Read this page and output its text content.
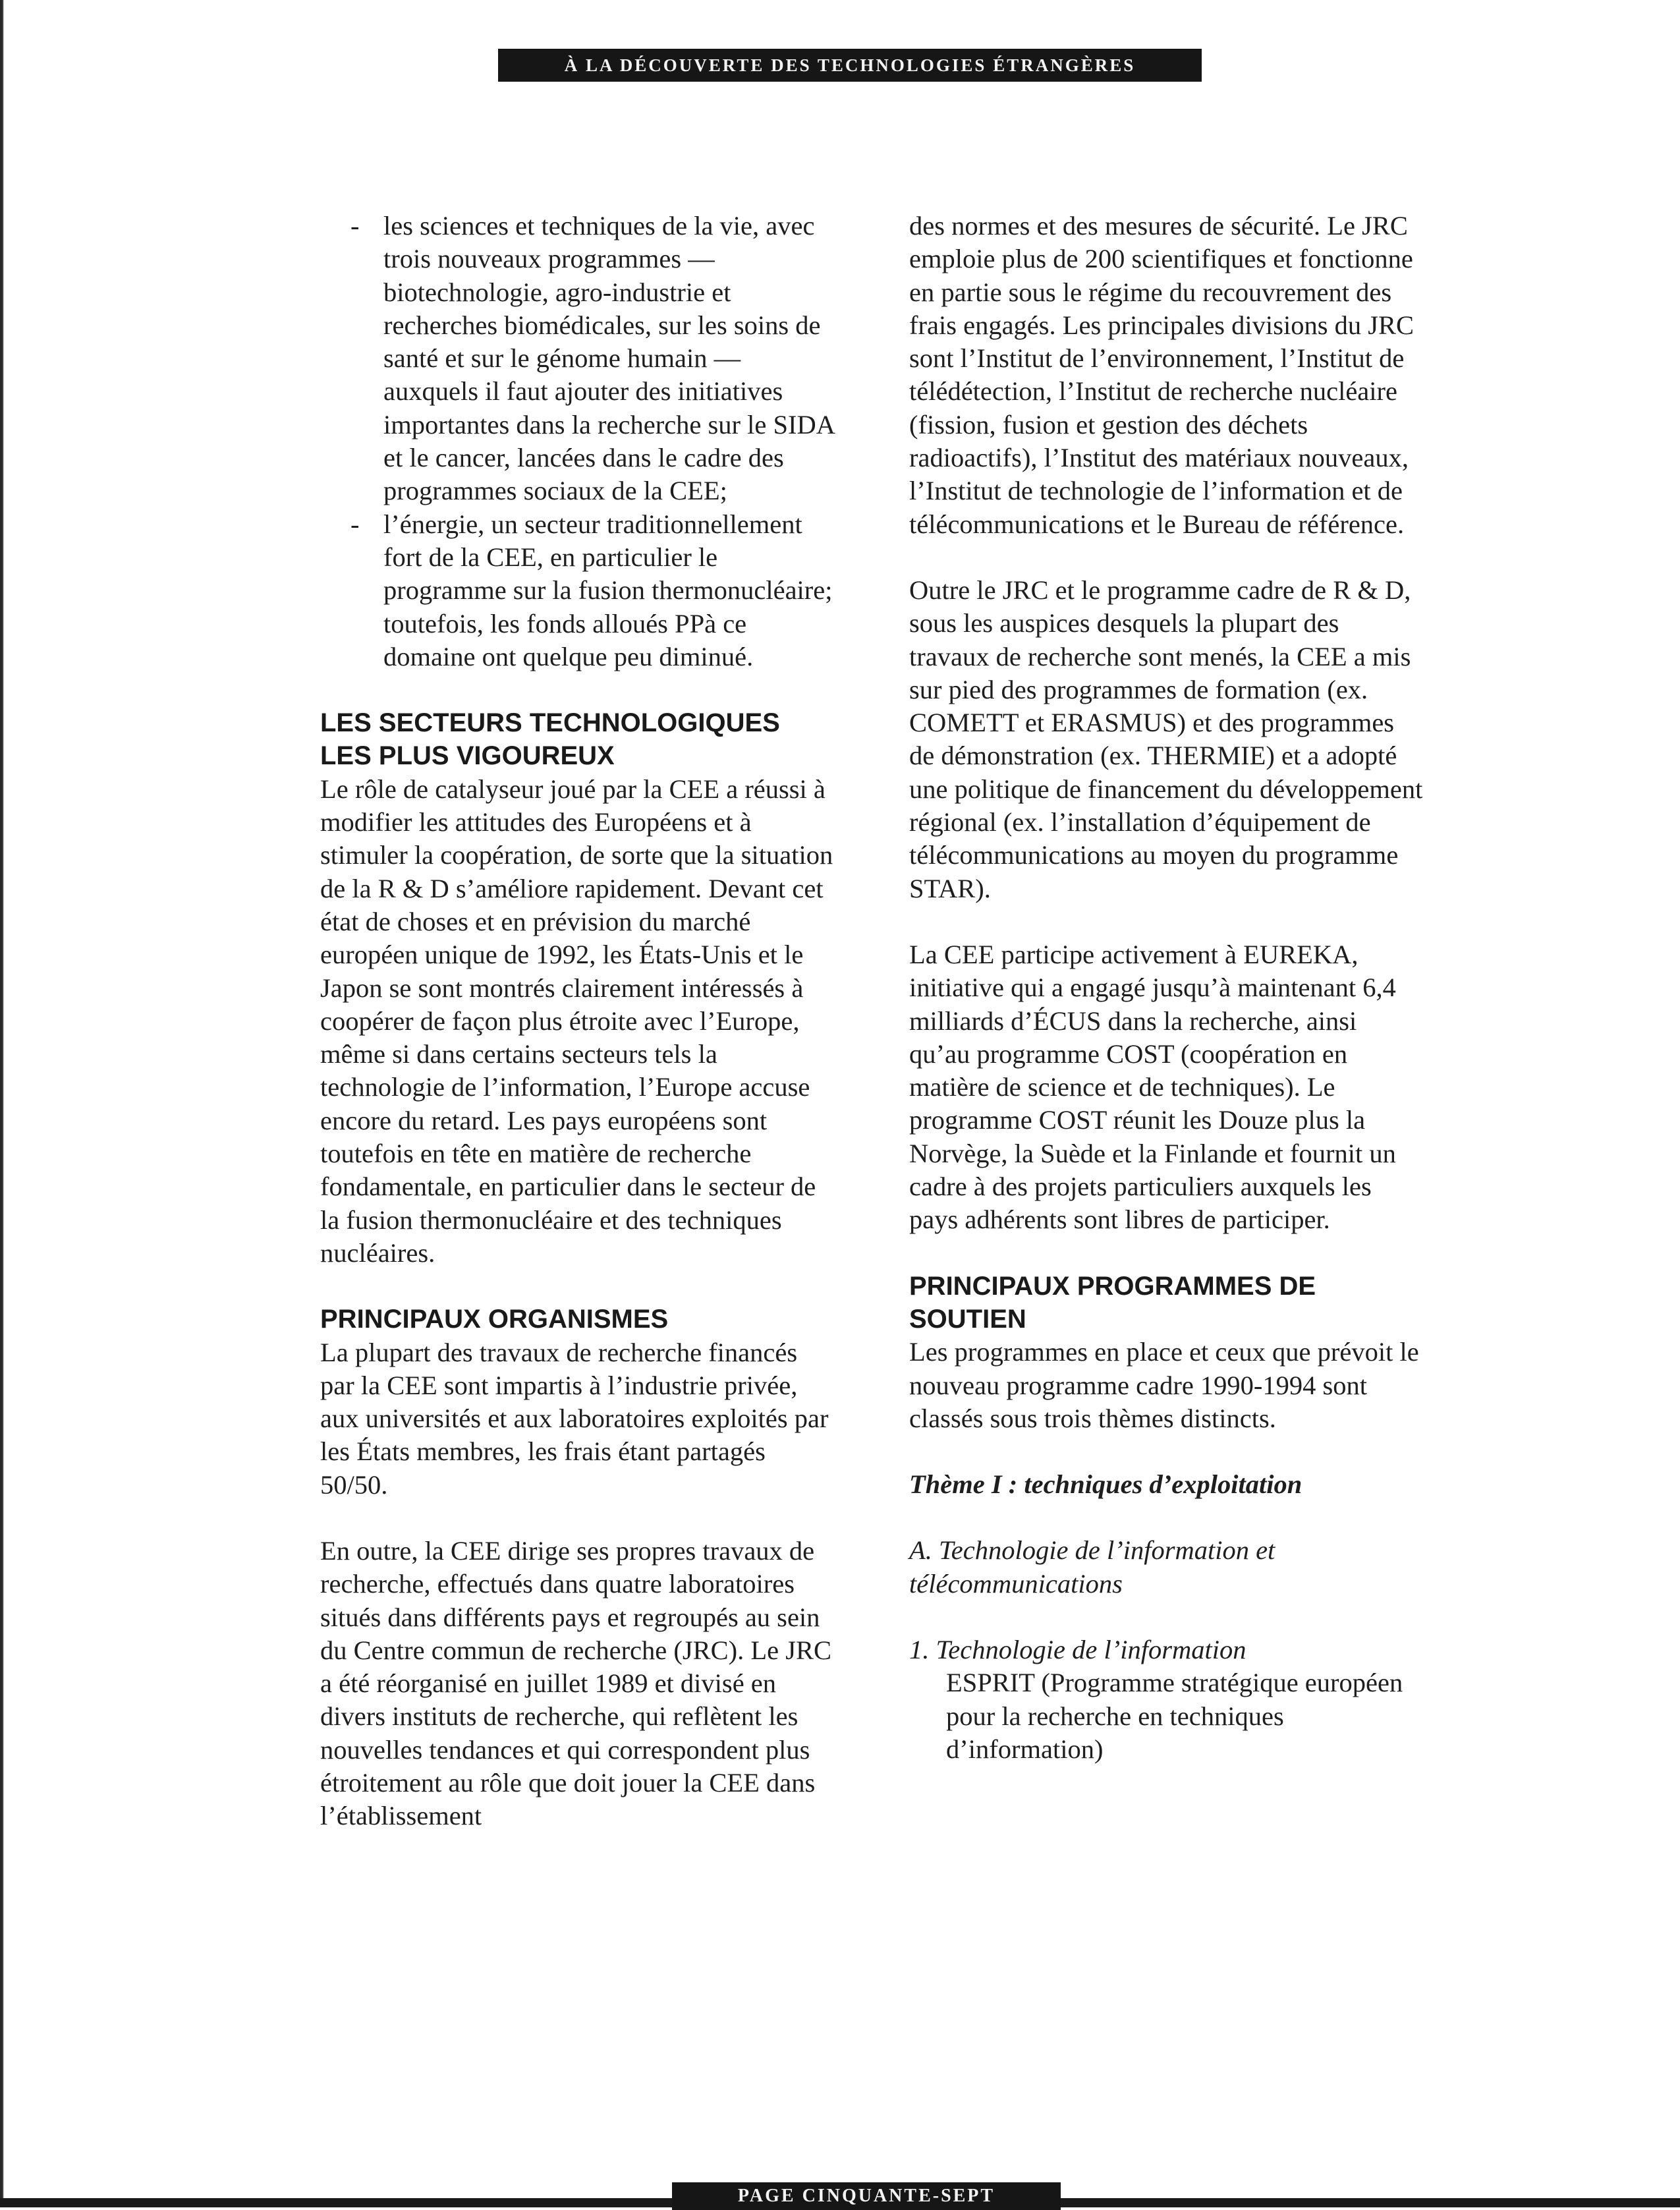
À LA DÉCOUVERTE DES TECHNOLOGIES ÉTRANGÈRES
- les sciences et techniques de la vie, avec trois nouveaux programmes — biotechnologie, agro-industrie et recherches biomédicales, sur les soins de santé et sur le génome humain — auxquels il faut ajouter des initiatives importantes dans la recherche sur le SIDA et le cancer, lancées dans le cadre des programmes sociaux de la CEE;

- l’énergie, un secteur traditionnellement fort de la CEE, en particulier le programme sur la fusion thermonucléaire; toutefois, les fonds alloués PPà ce domaine ont quelque peu diminué.

LES SECTEURS TECHNOLOGIQUES LES PLUS VIGOUREUX

Le rôle de catalyseur joué par la CEE a réussi à modifier les attitudes des Européens et à stimuler la coopération, de sorte que la situation de la R & D s’améliore rapidement. Devant cet état de choses et en prévision du marché européen unique de 1992, les États-Unis et le Japon se sont montrés clairement intéressés à coopérer de façon plus étroite avec l’Europe, même si dans certains secteurs tels la technologie de l’information, l’Europe accuse encore du retard. Les pays européens sont toutefois en tête en matière de recherche fondamentale, en particulier dans le secteur de la fusion thermonucléaire et des techniques nucléaires.

PRINCIPAUX ORGANISMES

La plupart des travaux de recherche financés par la CEE sont impartis à l’industrie privée, aux universités et aux laboratoires exploités par les États membres, les frais étant partagés 50/50.

En outre, la CEE dirige ses propres travaux de recherche, effectués dans quatre laboratoires situés dans différents pays et regroupés au sein du Centre commun de recherche (JRC). Le JRC a été réorganisé en juillet 1989 et divisé en divers instituts de recherche, qui reflètent les nouvelles tendances et qui correspondent plus étroitement au rôle que doit jouer la CEE dans l’établissement

des normes et des mesures de sécurité. Le JRC emploie plus de 200 scientifiques et fonctionne en partie sous le régime du recouvrement des frais engagés. Les principales divisions du JRC sont l’Institut de l’environnement, l’Institut de télédétection, l’Institut de recherche nucléaire (fission, fusion et gestion des déchets radioactifs), l’Institut des matériaux nouveaux, l’Institut de technologie de l’information et de télécommunications et le Bureau de référence.

Outre le JRC et le programme cadre de R & D, sous les auspices desquels la plupart des travaux de recherche sont menés, la CEE a mis sur pied des programmes de formation (ex. COMETT et ERASMUS) et des programmes de démonstration (ex. THERMIE) et a adopté une politique de financement du développement régional (ex. l’installation d’équipement de télécommunications au moyen du programme STAR).

La CEE participe activement à EUREKA, initiative qui a engagé jusqu’à maintenant 6,4 milliards d’ÉCUS dans la recherche, ainsi qu’au programme COST (coopération en matière de science et de techniques). Le programme COST réunit les Douze plus la Norvège, la Suède et la Finlande et fournit un cadre à des projets particuliers auxquels les pays adhérents sont libres de participer.

PRINCIPAUX PROGRAMMES DE SOUTIEN

Les programmes en place et ceux que prévoit le nouveau programme cadre 1990-1994 sont classés sous trois thèmes distincts.

Thème I : techniques d’exploitation

A. Technologie de l’information et télécommunications

1. Technologie de l’information

ESPRIT (Programme stratégique européen pour la recherche en techniques d’information)

PAGE CINQUANTE-SEPT
